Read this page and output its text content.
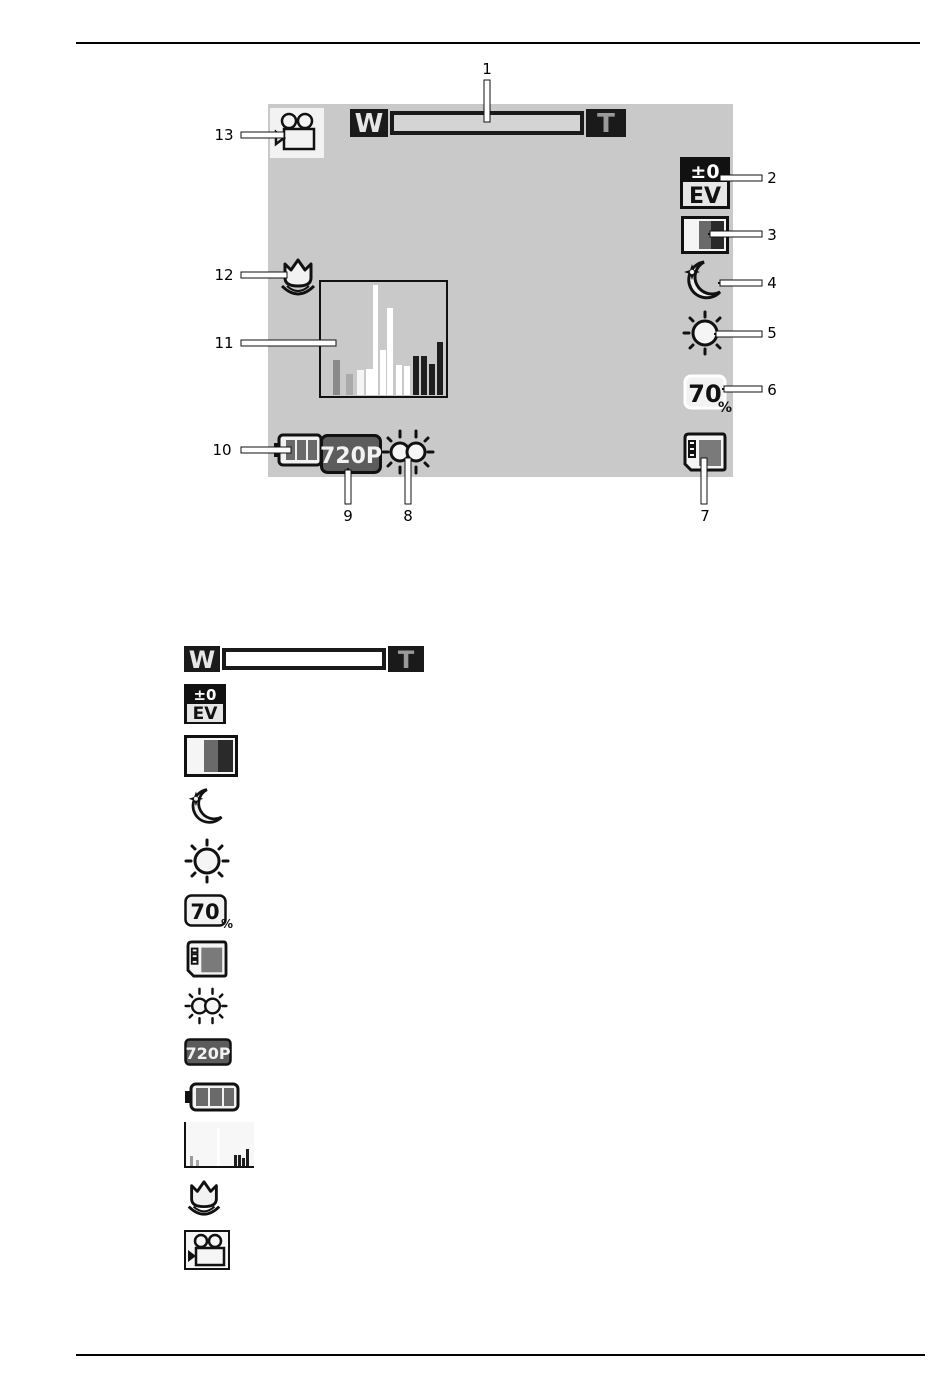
W	T
±0
EV
70
%
720P
1
2
3
4
5
6
7
8
9
10
11
12
13
W	T
±0
EV
70 %
720P
